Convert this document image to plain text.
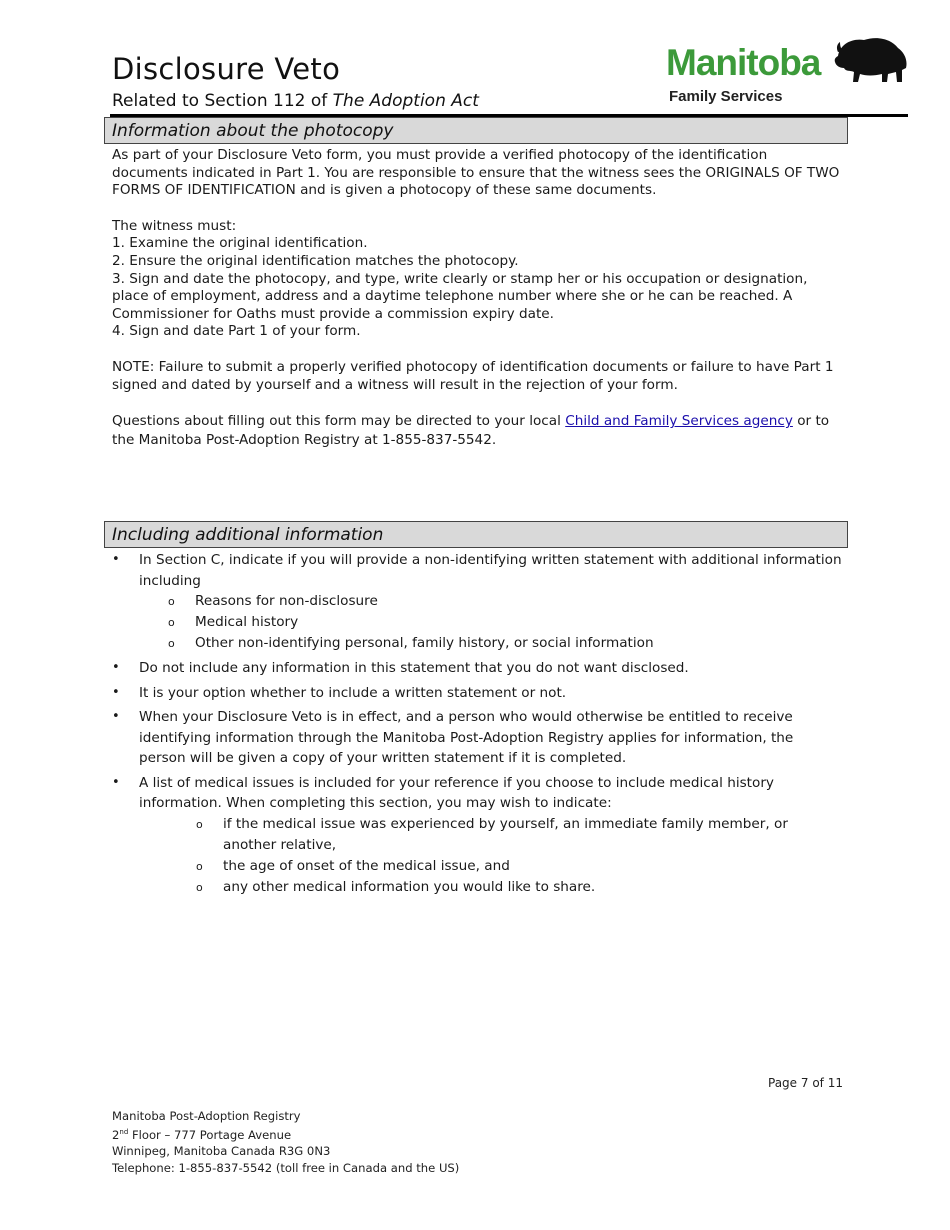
Disclosure Veto
Related to Section 112 of The Adoption Act
Manitoba
Family Services
Information about the photocopy

As part of your Disclosure Veto form, you must provide a verified photocopy of the identification documents indicated in Part 1. You are responsible to ensure that the witness sees the ORIGINALS OF TWO FORMS OF IDENTIFICATION and is given a photocopy of these same documents.

The witness must:

1. Examine the original identification.

2. Ensure the original identification matches the photocopy.

3. Sign and date the photocopy, and type, write clearly or stamp her or his occupation or designation, place of employment, address and a daytime telephone number where she or he can be reached. A Commissioner for Oaths must provide a commission expiry date.

4. Sign and date Part 1 of your form.

NOTE: Failure to submit a properly verified photocopy of identification documents or failure to have Part 1 signed and dated by yourself and a witness will result in the rejection of your form.

Questions about filling out this form may be directed to your local Child and Family Services agency or to the Manitoba Post-Adoption Registry at 1-855-837-5542.

Including additional information
• In Section C, indicate if you will provide a non-identifying written statement with additional information including
o Reasons for non-disclosure
o Medical history
o Other non-identifying personal, family history, or social information
• Do not include any information in this statement that you do not want disclosed.
• It is your option whether to include a written statement or not.
• When your Disclosure Veto is in effect, and a person who would otherwise be entitled to receive identifying information through the Manitoba Post-Adoption Registry applies for information, the person will be given a copy of your written statement if it is completed.
• A list of medical issues is included for your reference if you choose to include medical history information. When completing this section, you may wish to indicate:
o if the medical issue was experienced by yourself, an immediate family member, or another relative,
o the age of onset of the medical issue, and
o any other medical information you would like to share.
Page 7 of 11
Manitoba Post-Adoption Registry
2nd Floor – 777 Portage Avenue
Winnipeg, Manitoba Canada R3G 0N3
Telephone: 1-855-837-5542 (toll free in Canada and the US)
